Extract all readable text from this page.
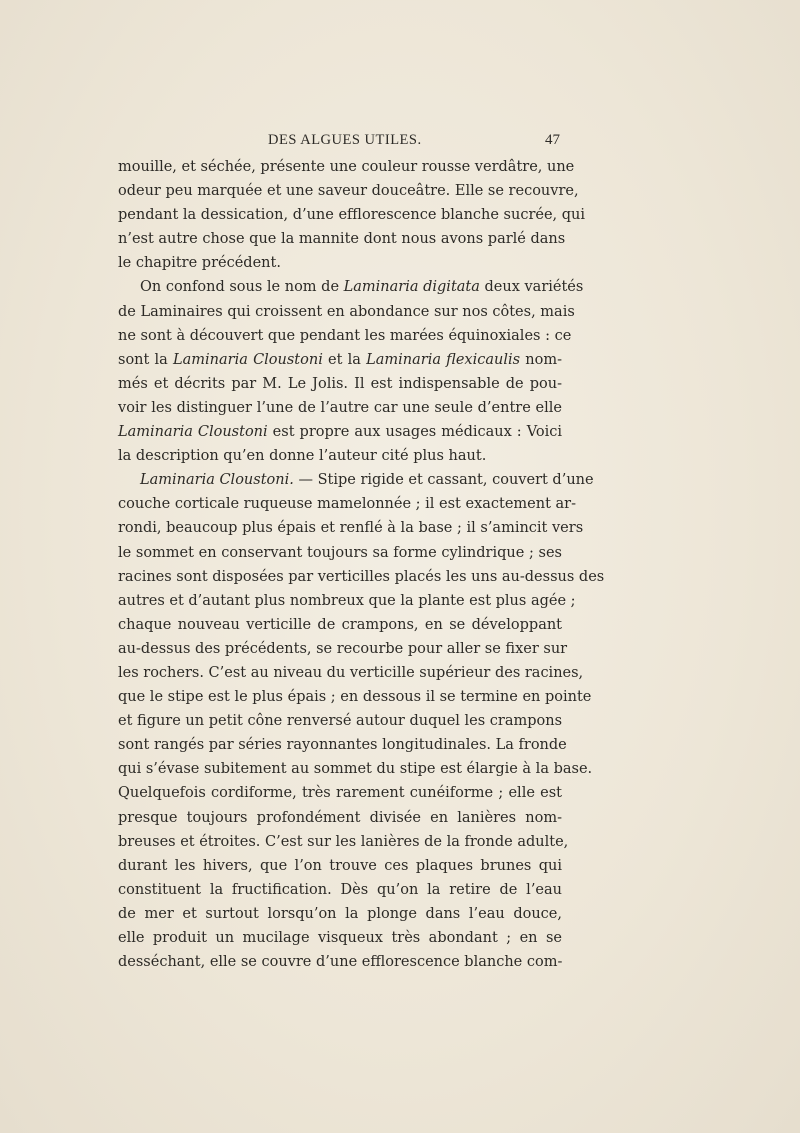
DES ALGUES UTILES.	47
mouille, et séchée, présente une couleur rousse verdâtre, une
odeur peu marquée et une saveur douceâtre. Elle se recouvre,
pendant la dessication, d’une efflorescence blanche sucrée, qui
n’est autre chose que la mannite dont nous avons parlé dans
le chapitre précédent.
On confond sous le nom de Laminaria digitata deux variétés
de Laminaires qui croissent en abondance sur nos côtes, mais
ne sont à découvert que pendant les marées équinoxiales : ce
sont la Laminaria Cloustoni et la Laminaria flexicaulis nom-
més et décrits par M. Le Jolis. Il est indispensable de pou-
voir les distinguer l’une de l’autre car une seule d’entre elle
Laminaria Cloustoni est propre aux usages médicaux : Voici
la description qu’en donne l’auteur cité plus haut.
Laminaria Cloustoni. — Stipe rigide et cassant, couvert d’une
couche corticale ruqueuse mamelonnée ; il est exactement ar-
rondi, beaucoup plus épais et renflé à la base ; il s’amincit vers
le sommet en conservant toujours sa forme cylindrique ; ses
racines sont disposées par verticilles placés les uns au-dessus des
autres et d’autant plus nombreux que la plante est plus agée ;
chaque nouveau verticille de crampons, en se développant
au-dessus des précédents, se recourbe pour aller se fixer sur
les rochers. C’est au niveau du verticille supérieur des racines,
que le stipe est le plus épais ; en dessous il se termine en pointe
et figure un petit cône renversé autour duquel les crampons
sont rangés par séries rayonnantes longitudinales. La fronde
qui s’évase subitement au sommet du stipe est élargie à la base.
Quelquefois cordiforme, très rarement cunéiforme ; elle est
presque toujours profondément divisée en lanières nom-
breuses et étroites. C’est sur les lanières de la fronde adulte,
durant les hivers, que l’on trouve ces plaques brunes qui
constituent la fructification. Dès qu’on la retire de l’eau
de mer et surtout lorsqu’on la plonge dans l’eau douce,
elle produit un mucilage visqueux très abondant ; en se
desséchant, elle se couvre d’une efflorescence blanche com-
